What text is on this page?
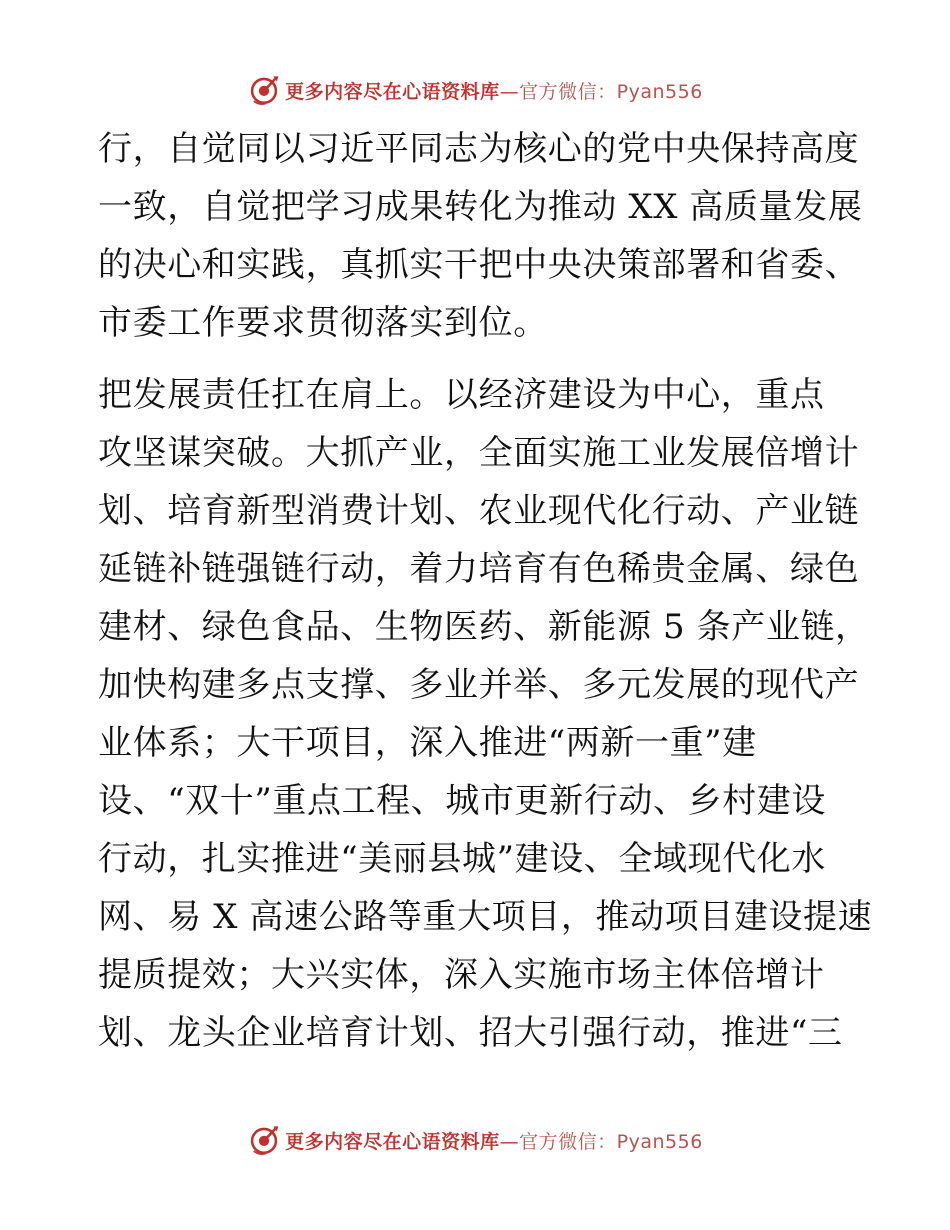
更多内容尽在心语资料库—官方微信：Pyan556
行，自觉同以习近平同志为核心的党中央保持高度
一致，自觉把学习成果转化为推动 XX 高质量发展
的决心和实践，真抓实干把中央决策部署和省委、
市委工作要求贯彻落实到位。
把发展责任扛在肩上。以经济建设为中心，重点
攻坚谋突破。大抓产业，全面实施工业发展倍增计
划、培育新型消费计划、农业现代化行动、产业链
延链补链强链行动，着力培育有色稀贵金属、绿色
建材、绿色食品、生物医药、新能源 5 条产业链，
加快构建多点支撑、多业并举、多元发展的现代产
业体系；大干项目，深入推进“两新一重”建
设、“双十”重点工程、城市更新行动、乡村建设
行动，扎实推进“美丽县城”建设、全域现代化水
网、易 X 高速公路等重大项目，推动项目建设提速
提质提效；大兴实体，深入实施市场主体倍增计
划、龙头企业培育计划、招大引强行动，推进“三
更多内容尽在心语资料库—官方微信：Pyan556
